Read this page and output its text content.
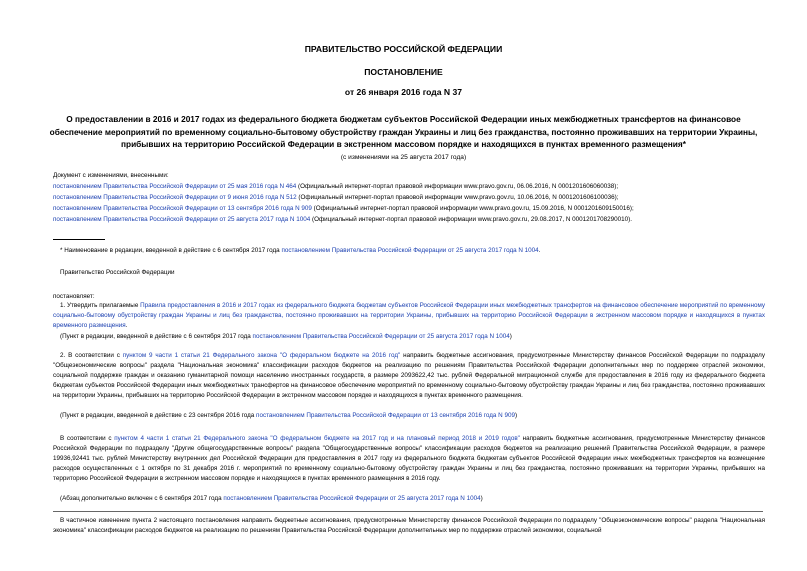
ПРАВИТЕЛЬСТВО РОССИЙСКОЙ ФЕДЕРАЦИИ
ПОСТАНОВЛЕНИЕ
от 26 января 2016 года N 37
О предоставлении в 2016 и 2017 годах из федерального бюджета бюджетам субъектов Российской Федерации иных межбюджетных трансфертов на финансовое обеспечение мероприятий по временному социально-бытовому обустройству граждан Украины и лиц без гражданства, постоянно проживавших на территории Украины, прибывших на территорию Российской Федерации в экстренном массовом порядке и находящихся в пунктах временного размещения*
(с изменениями на 25 августа 2017 года)
Документ с изменениями, внесенными:
постановлением Правительства Российской Федерации от 25 мая 2016 года N 464 (Официальный интернет-портал правовой информации www.pravo.gov.ru, 06.06.2016, N 0001201606060038);
постановлением Правительства Российской Федерации от 9 июня 2016 года N 512 (Официальный интернет-портал правовой информации www.pravo.gov.ru, 10.06.2016, N 0001201606100036);
постановлением Правительства Российской Федерации от 13 сентября 2016 года N 909 (Официальный интернет-портал правовой информации www.pravo.gov.ru, 15.09.2016, N 0001201609150016);
постановлением Правительства Российской Федерации от 25 августа 2017 года N 1004 (Официальный интернет-портал правовой информации www.pravo.gov.ru, 29.08.2017, N 0001201708290010).
* Наименование в редакции, введенной в действие с 6 сентября 2017 года постановлением Правительства Российской Федерации от 25 августа 2017 года N 1004.
Правительство Российской Федерации
постановляет:
1. Утвердить прилагаемые Правила предоставления в 2016 и 2017 годах из федерального бюджета бюджетам субъектов Российской Федерации иных межбюджетных трансфертов на финансовое обеспечение мероприятий по временному социально-бытовому обустройству граждан Украины и лиц без гражданства, постоянно проживавших на территории Украины, прибывших на территорию Российской Федерации в экстренном массовом порядке и находящихся в пунктах временного размещения.
(Пункт в редакции, введенной в действие с 6 сентября 2017 года постановлением Правительства Российской Федерации от 25 августа 2017 года N 1004)
2. В соответствии с пунктом 9 части 1 статьи 21 Федерального закона "О федеральном бюджете на 2016 год" направить бюджетные ассигнования, предусмотренные Министерству финансов Российской Федерации по подразделу "Общеэкономические вопросы" раздела "Национальная экономика" классификации расходов бюджетов на реализацию по решениям Правительства Российской Федерации дополнительных мер по поддержке отраслей экономики, социальной поддержке граждан и оказанию гуманитарной помощи населению иностранных государств, в размере 2093622,42 тыс. рублей Федеральной миграционной службе для предоставления в 2016 году из федерального бюджета бюджетам субъектов Российской Федерации иных межбюджетных трансфертов на финансовое обеспечение мероприятий по временному социально-бытовому обустройству граждан Украины и лиц без гражданства, постоянно проживавших на территории Украины, прибывших на территорию Российской Федерации в экстренном массовом порядке и находящихся в пунктах временного размещения.
(Пункт в редакции, введенной в действие с 23 сентября 2016 года постановлением Правительства Российской Федерации от 13 сентября 2016 года N 909)
В соответствии с пунктом 4 части 1 статьи 21 Федерального закона "О федеральном бюджете на 2017 год и на плановый период 2018 и 2019 годов" направить бюджетные ассигнования, предусмотренные Министерству финансов Российской Федерации по подразделу "Другие общегосударственные вопросы" раздела "Общегосударственные вопросы" классификации расходов бюджетов на реализацию решений Правительства Российской Федерации, в размере 19936,92441 тыс. рублей Министерству внутренних дел Российской Федерации для предоставления в 2017 году из федерального бюджета бюджетам субъектов Российской Федерации иных межбюджетных трансфертов на возмещение расходов осуществленных с 1 октября по 31 декабря 2016 г. мероприятий по временному социально-бытовому обустройству граждан Украины и лиц без гражданства, постоянно проживавших на территории Украины, прибывших на территорию Российской Федерации в экстренном массовом порядке и находящихся в пунктах временного размещения в 2016 году.
(Абзац дополнительно включен с 6 сентября 2017 года постановлением Правительства Российской Федерации от 25 августа 2017 года N 1004)
В частичное изменение пункта 2 настоящего постановления направить бюджетные ассигнования, предусмотренные Министерству финансов Российской Федерации по подразделу "Общеэкономические вопросы" раздела "Национальная экономика" классификации расходов бюджетов на реализацию по решениям Правительства Российской Федерации дополнительных мер по поддержке отраслей экономики, социальной
